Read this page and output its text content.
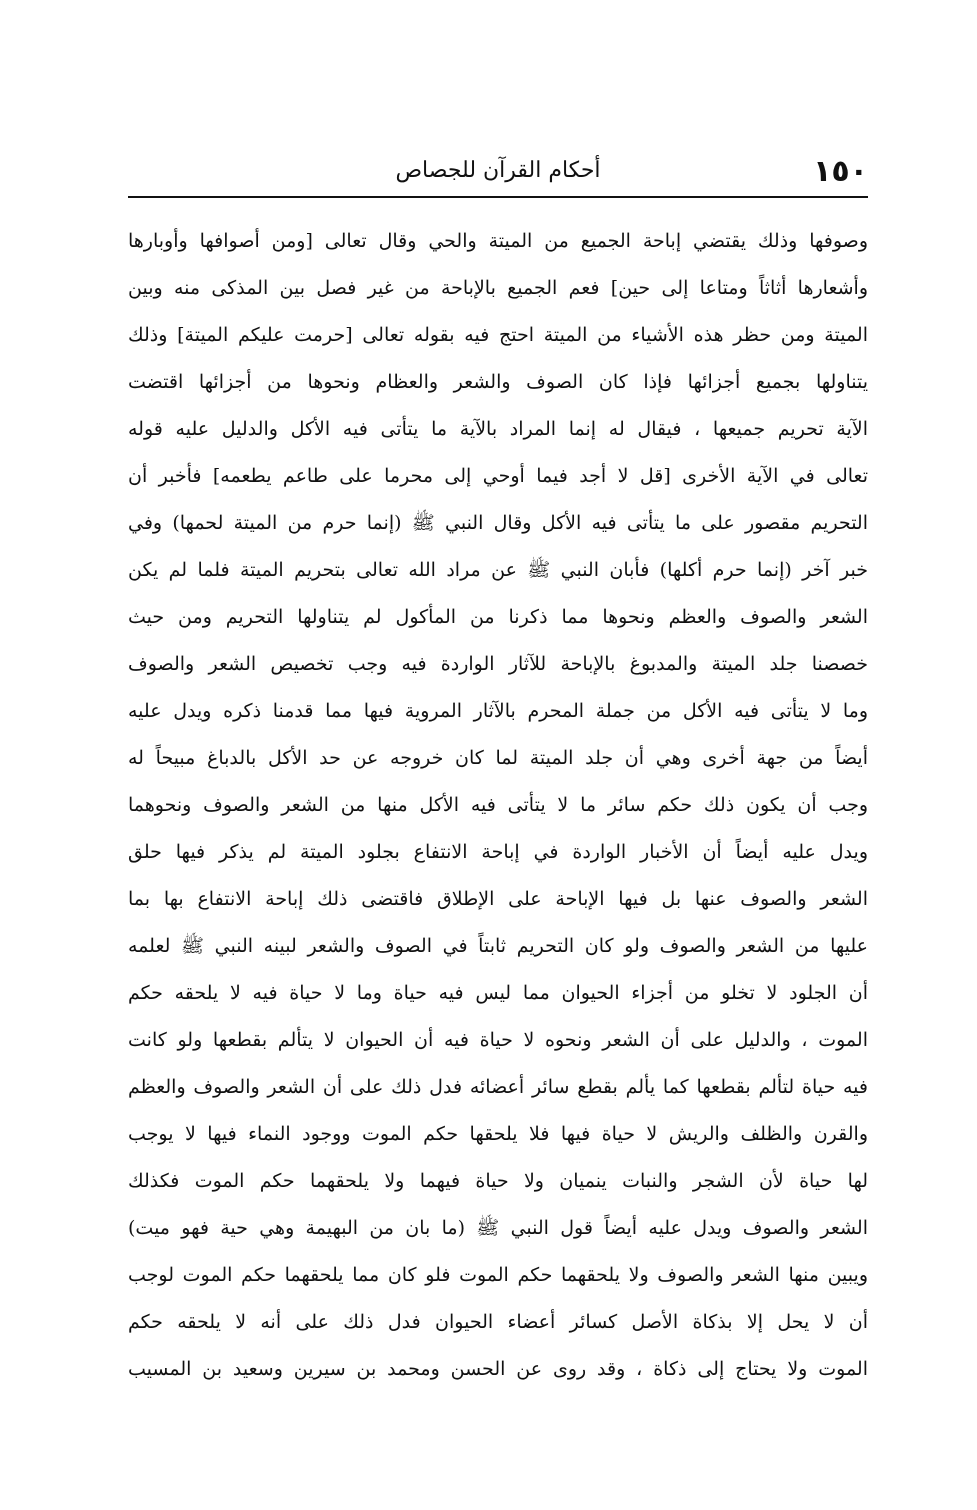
١٥٠
أحكام القرآن للجصاص
وصوفها وذلك يقتضي إباحة الجميع من الميتة والحي وقال تعالى [ومن أصوافها وأوبارها
وأشعارها أثاثاً ومتاعا إلى حين] فعم الجميع بالإباحة من غير فصل بين المذكى منه وبين
الميتة ومن حظر هذه الأشياء من الميتة احتج فيه بقوله تعالى [حرمت عليكم الميتة] وذلك
يتناولها بجميع أجزائها فإذا كان الصوف والشعر والعظام ونحوها من أجزائها اقتضت
الآية تحريم جميعها ، فيقال له إنما المراد بالآية ما يتأتى فيه الأكل والدليل عليه قوله
تعالى في الآية الأخرى [قل لا أجد فيما أوحي إلى محرما على طاعم يطعمه] فأخبر أن
التحريم مقصور على ما يتأتى فيه الأكل وقال النبي ﷺ (إنما حرم من الميتة لحمها) وفي
خبر آخر (إنما حرم أكلها) فأبان النبي ﷺ عن مراد الله تعالى بتحريم الميتة فلما لم يكن
الشعر والصوف والعظم ونحوها مما ذكرنا من المأكول لم يتناولها التحريم ومن حيث
خصصنا جلد الميتة والمدبوغ بالإباحة للآثار الواردة فيه وجب تخصيص الشعر والصوف
وما لا يتأتى فيه الأكل من جملة المحرم بالآثار المروية فيها مما قدمنا ذكره ويدل عليه
أيضاً من جهة أخرى وهي أن جلد الميتة لما كان خروجه عن حد الأكل بالدباغ مبيحاً له
وجب أن يكون ذلك حكم سائر ما لا يتأتى فيه الأكل منها من الشعر والصوف ونحوهما
ويدل عليه أيضاً أن الأخبار الواردة في إباحة الانتفاع بجلود الميتة لم يذكر فيها حلق
الشعر والصوف عنها بل فيها الإباحة على الإطلاق فاقتضى ذلك إباحة الانتفاع بها بما
عليها من الشعر والصوف ولو كان التحريم ثابتاً في الصوف والشعر لبينه النبي ﷺ لعلمه
أن الجلود لا تخلو من أجزاء الحيوان مما ليس فيه حياة وما لا حياة فيه لا يلحقه حكم
الموت ، والدليل على أن الشعر ونحوه لا حياة فيه أن الحيوان لا يتألم بقطعها ولو كانت
فيه حياة لتألم بقطعها كما يألم بقطع سائر أعضائه فدل ذلك على أن الشعر والصوف والعظم
والقرن والظلف والريش لا حياة فيها فلا يلحقها حكم الموت ووجود النماء فيها لا يوجب
لها حياة لأن الشجر والنبات ينميان ولا حياة فيهما ولا يلحقهما حكم الموت فكذلك
الشعر والصوف ويدل عليه أيضاً قول النبي ﷺ (ما بان من البهيمة وهي حية فهو ميت)
ويبين منها الشعر والصوف ولا يلحقهما حكم الموت فلو كان مما يلحقهما حكم الموت لوجب
أن لا يحل إلا بذكاة الأصل كسائر أعضاء الحيوان فدل ذلك على أنه لا يلحقه حكم
الموت ولا يحتاج إلى ذكاة ، وقد روى عن الحسن ومحمد بن سيرين وسعيد بن المسيب
